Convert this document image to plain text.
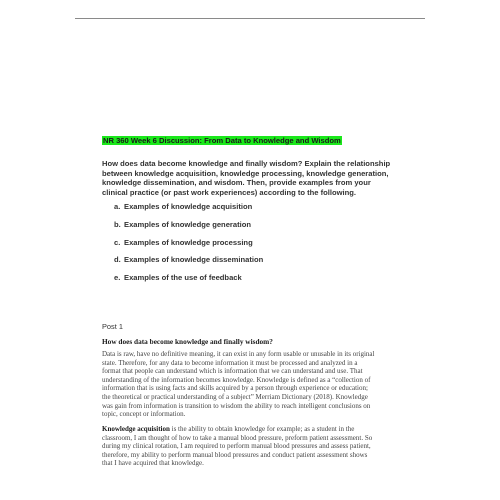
NR 360 Week 6 Discussion: From Data to Knowledge and Wisdom
How does data become knowledge and finally wisdom? Explain the relationship
between knowledge acquisition, knowledge processing, knowledge generation,
knowledge dissemination, and wisdom. Then, provide examples from your
clinical practice (or past work experiences) according to the following.
a. Examples of knowledge acquisition
b. Examples of knowledge generation
c. Examples of knowledge processing
d. Examples of knowledge dissemination
e. Examples of the use of feedback
Post 1
How does data become knowledge and finally wisdom?
Data is raw, have no definitive meaning, it can exist in any form usable or unusable in its original
state. Therefore, for any data to become information it must be processed and analyzed in a
format that people can understand which is information that we can understand and use. That
understanding of the information becomes knowledge. Knowledge is defined as a “collection of
information that is using facts and skills acquired by a person through experience or education;
the theoretical or practical understanding of a subject” Merriam Dictionary (2018). Knowledge
was gain from information is transition to wisdom the ability to reach intelligent conclusions on
topic, concept or information.
Knowledge acquisition is the ability to obtain knowledge for example; as a student in the
classroom, I am thought of how to take a manual blood pressure, preform patient assessment. So
during my clinical rotation, I am required to perform manual blood pressures and assess patient,
therefore, my ability to perform manual blood pressures and conduct patient assessment shows
that I have acquired that knowledge.
